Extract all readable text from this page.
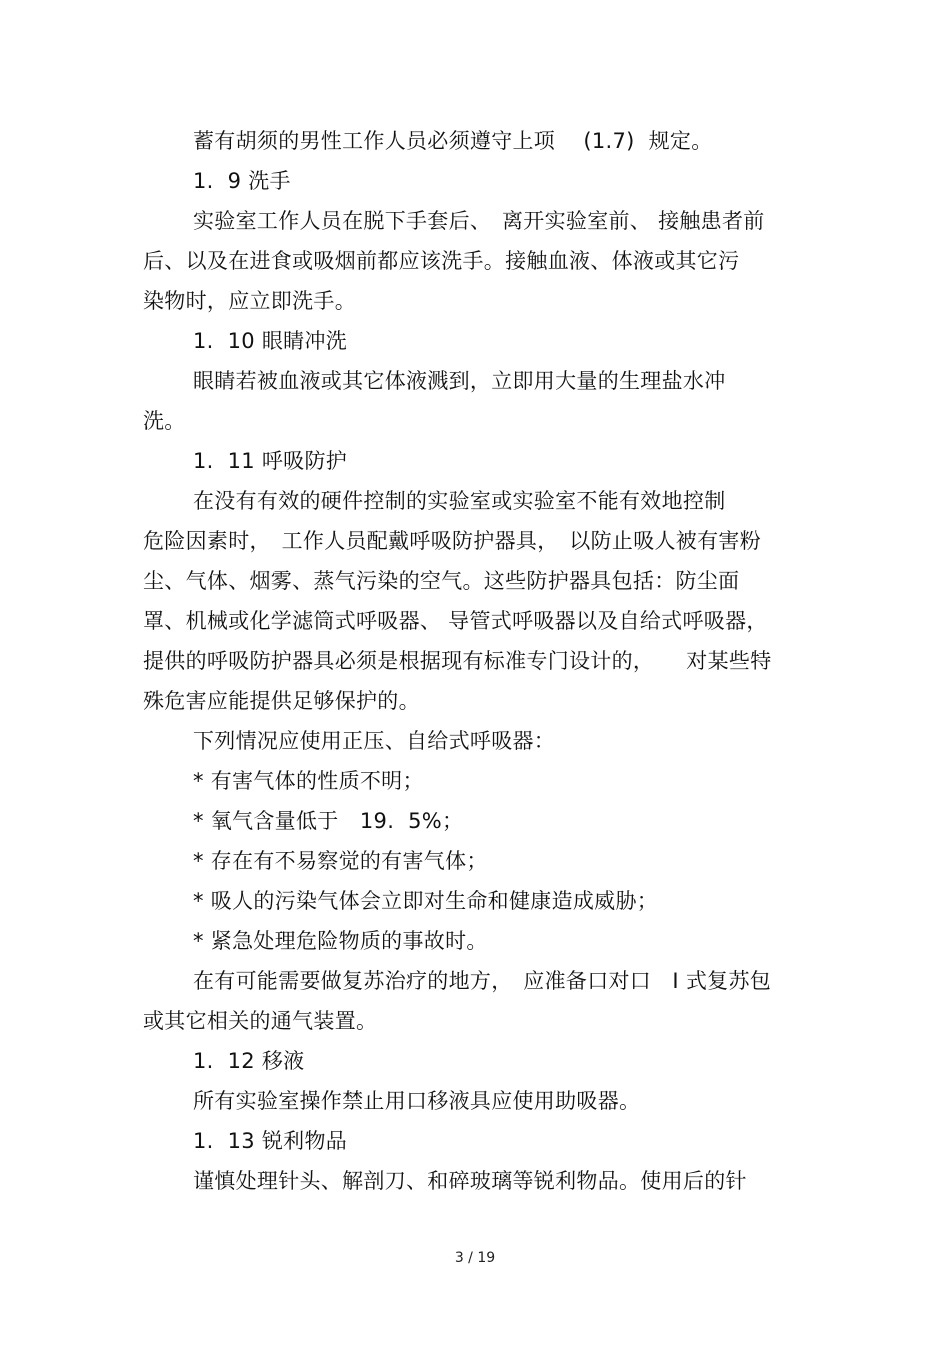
蓄有胡须的男性工作人员必须遵守上项　 (1.7)  规定。
1.  9 洗手
实验室工作人员在脱下手套后、　离开实验室前、 接触患者前
后、以及在进食或吸烟前都应该洗手。接触血液、体液或其它污
染物时，应立即洗手。
1.  10 眼睛冲洗
眼睛若被血液或其它体液溅到，立即用大量的生理盐水冲
洗。
1.  11 呼吸防护
在没有有效的硬件控制的实验室或实验室不能有效地控制
危险因素时，　工作人员配戴呼吸防护器具，　以防止吸人被有害粉
尘、气体、烟雾、蒸气污染的空气。这些防护器具包括：防尘面
罩、机械或化学滤筒式呼吸器、 导管式呼吸器以及自给式呼吸器，
提供的呼吸防护器具必须是根据现有标准专门设计的，　　对某些特
殊危害应能提供足够保护的。
下列情况应使用正压、自给式呼吸器：
* 有害气体的性质不明；
* 氧气含量低于　19.  5%；
* 存在有不易察觉的有害气体；
* 吸人的污染气体会立即对生命和健康造成威胁；
* 紧急处理危险物质的事故时。
在有可能需要做复苏治疗的地方，　应准备口对口　I 式复苏包
或其它相关的通气装置。
1.  12 移液
所有实验室操作禁止用口移液具应使用助吸器。
1.  13 锐利物品
谨慎处理针头、解剖刀、和碎玻璃等锐利物品。使用后的针
3 / 19
